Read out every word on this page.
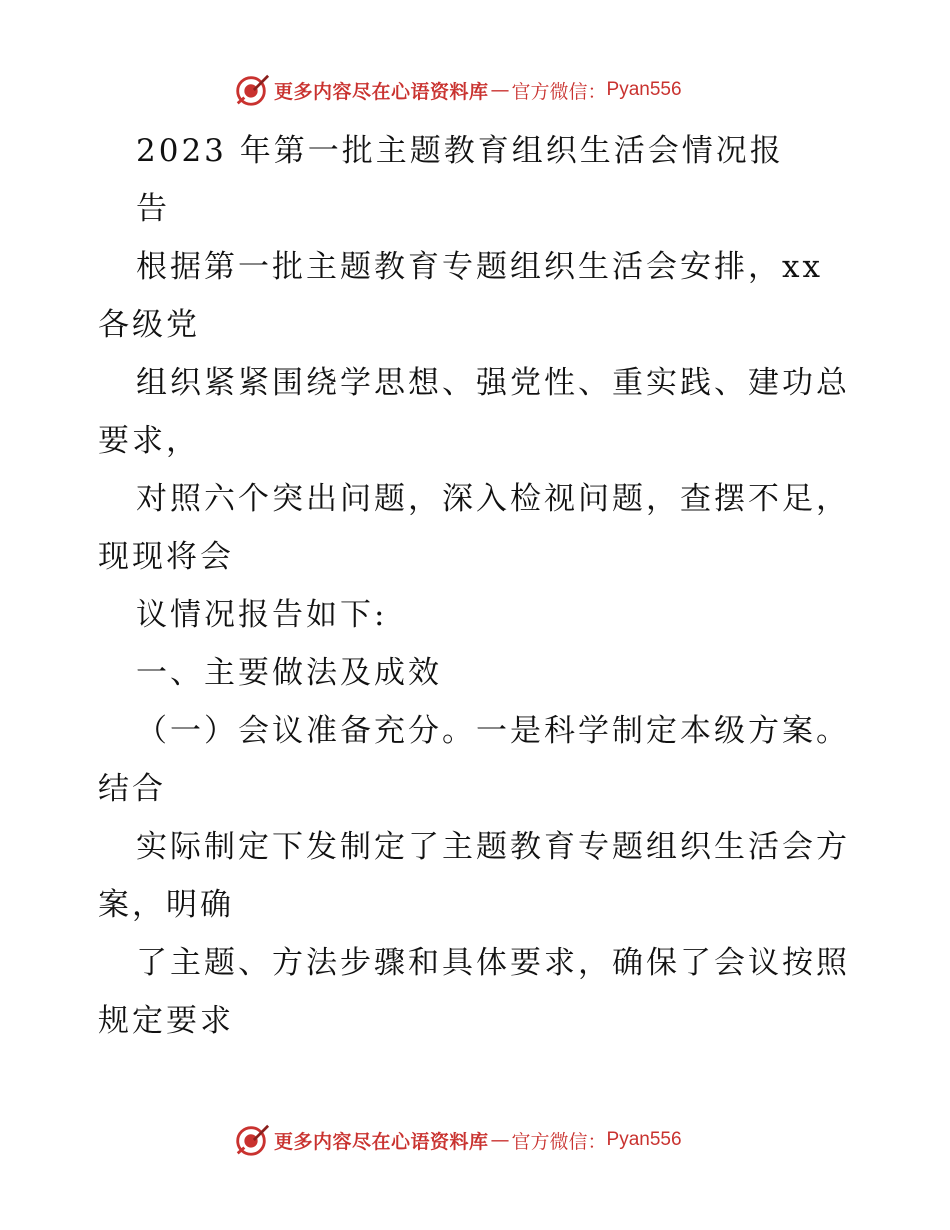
更多内容尽在心语资料库 — 官方微信： Pyan556

2023 年第一批主题教育组织生活会情况报

告

根据第一批主题教育专题组织生活会安排，xx

各级党

组织紧紧围绕学思想、强党性、重实践、建功总

要求，

对照六个突出问题，深入检视问题，查摆不足，

现现将会

议情况报告如下:

一、主要做法及成效

（一）会议准备充分。一是科学制定本级方案。

结合

实际制定下发制定了主题教育专题组织生活会方

案，明确

了主题、方法步骤和具体要求，确保了会议按照

规定要求

更多内容尽在心语资料库 — 官方微信： Pyan556
